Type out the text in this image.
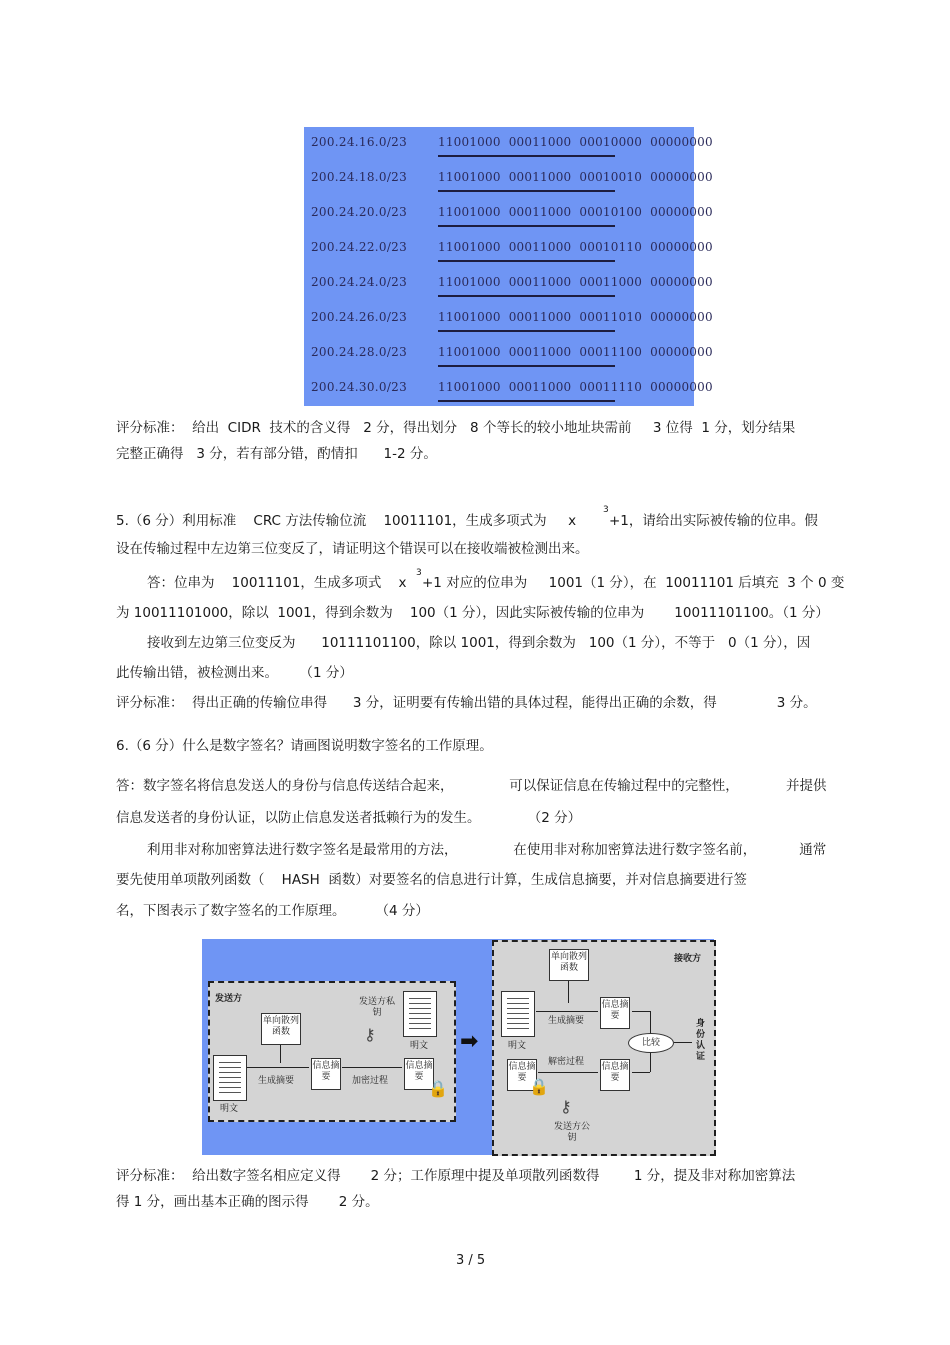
200.24.16.0/23	11001000  00011000  00010000  00000000
200.24.18.0/23	11001000  00011000  00010010  00000000
200.24.20.0/23	11001000  00011000  00010100  00000000
200.24.22.0/23	11001000  00011000  00010110  00000000
200.24.24.0/23	11001000  00011000  00011000  00000000
200.24.26.0/23	11001000  00011000  00011010  00000000
200.24.28.0/23	11001000  00011000  00011100  00000000
200.24.30.0/23	11001000  00011000  00011110  00000000
评分标准：  给出  CIDR  技术的含义得   2 分，得出划分   8 个等长的较小地址块需前     3 位得  1 分，划分结果
完整正确得   3 分，若有部分错，酌情扣      1-2 分。
5.（6 分）利用标准    CRC 方法传输位流    10011101，生成多项式为     x
3
+1，请给出实际被传输的位串。假
设在传输过程中左边第三位变反了，请证明这个错误可以在接收端被检测出来。
答：位串为    10011101，生成多项式    x
3
+1 对应的位串为     1001（1 分），在  10011101 后填充  3 个 0 变
为 10011101000，除以  1001，得到余数为    100（1 分），因此实际被传输的位串为       10011101100。（1 分）
接收到左边第三位变反为      10111101100，除以 1001，得到余数为   100（1 分），不等于   0（1 分），因
此传输出错，被检测出来。     （1 分）
评分标准：  得出正确的传输位串得      3 分，证明要有传输出错的具体过程，能得出正确的余数，得              3 分。
6.（6 分）什么是数字签名？请画图说明数字签名的工作原理。
答：数字签名将信息发送人的身份与信息传送结合起来，             可以保证信息在传输过程中的完整性，           并提供
信息发送者的身份认证，以防止信息发送者抵赖行为的发生。           （2 分）
利用非对称加密算法进行数字签名是最常用的方法，             在使用非对称加密算法进行数字签名前，          通常
要先使用单项散列函数（    HASH  函数）对要签名的信息进行计算，生成信息摘要，并对信息摘要进行签
名，下图表示了数字签名的工作原理。       （4 分）
发送方
单向散列函数
明文
生成摘要
信息摘要	加密过程
发送方私钥
⚷
明文
信息摘要
🔒
➡
接收方
单向散列函数
明文
生成摘要
信息摘要
信息摘要 🔒
解密过程 信息摘要
⚷
发送方公钥
比较
身份认证
评分标准：  给出数字签名相应定义得       2 分；工作原理中提及单项散列函数得        1 分，提及非对称加密算法
得 1 分，画出基本正确的图示得       2 分。
3 / 5
